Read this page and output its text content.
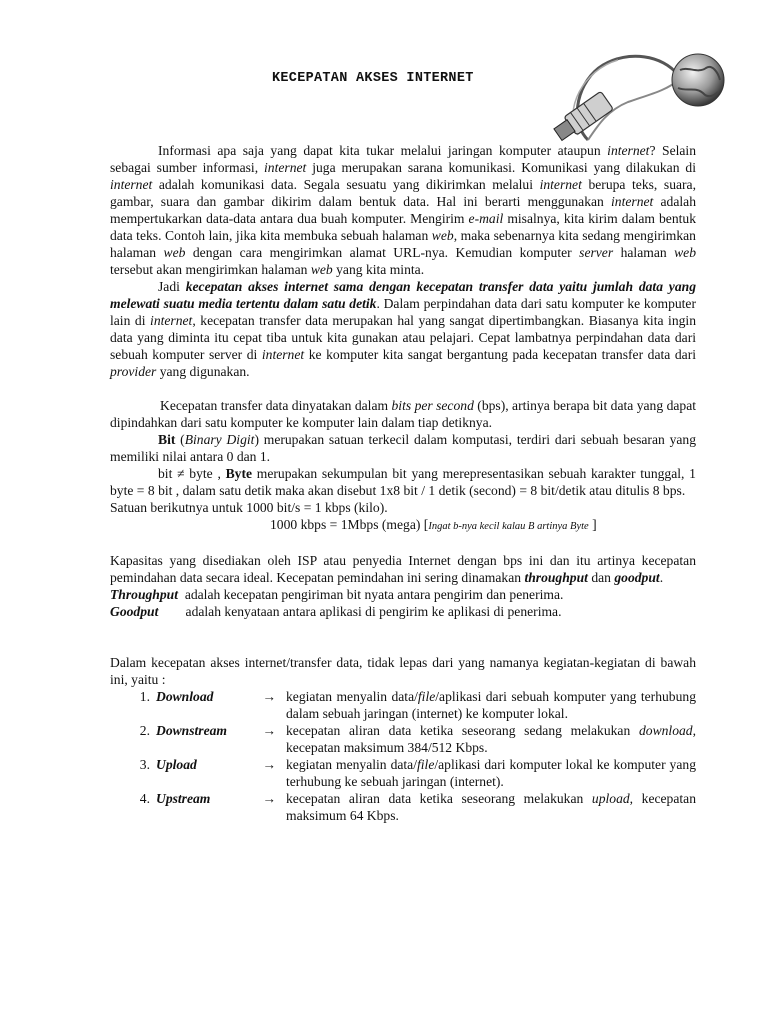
KECEPATAN AKSES INTERNET

Informasi apa saja yang dapat kita tukar melalui jaringan komputer ataupun internet? Selain sebagai sumber informasi, internet juga merupakan sarana komunikasi. Komunikasi yang dilakukan di internet adalah komunikasi data. Segala sesuatu yang dikirimkan melalui internet berupa teks, suara, gambar, suara dan gambar dikirim dalam bentuk data. Hal ini berarti menggunakan internet adalah mempertukarkan data-data antara dua buah komputer. Mengirim e-mail misalnya, kita kirim dalam bentuk data teks. Contoh lain, jika kita membuka sebuah halaman web, maka sebenarnya kita sedang mengirimkan halaman web dengan cara mengirimkan alamat URL-nya. Kemudian komputer server halaman web tersebut akan mengirimkan halaman web yang kita minta.

Jadi kecepatan akses internet sama dengan kecepatan transfer data yaitu jumlah data yang melewati suatu media tertentu dalam satu detik. Dalam perpindahan data dari satu komputer ke komputer lain di internet, kecepatan transfer data merupakan hal yang sangat dipertimbangkan. Biasanya kita ingin data yang diminta itu cepat tiba untuk kita gunakan atau pelajari. Cepat lambatnya perpindahan data dari sebuah komputer server di internet ke komputer kita sangat bergantung pada kecepatan transfer data dari provider yang digunakan.

Kecepatan transfer data dinyatakan dalam bits per second (bps), artinya berapa bit data yang dapat dipindahkan dari satu komputer ke komputer lain dalam tiap detiknya.

Bit (Binary Digit) merupakan satuan terkecil dalam komputasi, terdiri dari sebuah besaran yang memiliki nilai antara 0 dan 1.

bit ≠ byte , Byte merupakan sekumpulan bit yang merepresentasikan sebuah karakter tunggal, 1 byte = 8 bit , dalam satu detik maka akan disebut 1x8 bit / 1 detik (second) = 8 bit/detik atau ditulis 8 bps.

Satuan berikutnya untuk 1000 bit/s = 1 kbps (kilo).

1000 kbps = 1Mbps (mega) [Ingat b-nya kecil kalau B artinya Byte ]

Kapasitas yang disediakan oleh ISP atau penyedia Internet dengan bps ini dan itu artinya kecepatan pemindahan data secara ideal. Kecepatan pemindahan ini sering dinamakan throughput dan goodput.

Throughput  adalah kecepatan pengiriman bit nyata antara pengirim dan penerima.

Goodput        adalah kenyataan antara aplikasi di pengirim ke aplikasi di penerima.

Dalam kecepatan akses internet/transfer data, tidak lepas dari yang namanya kegiatan-kegiatan di bawah ini, yaitu :

1. Download	→ kegiatan menyalin data/file/aplikasi dari sebuah komputer yang terhubung dalam sebuah jaringan (internet) ke komputer lokal.
2. Downstream	→ kecepatan aliran data ketika seseorang sedang melakukan download, kecepatan maksimum 384/512 Kbps.
3. Upload	→ kegiatan menyalin data/file/aplikasi dari komputer lokal ke komputer yang terhubung ke sebuah jaringan (internet).
4. Upstream	→ kecepatan aliran data ketika seseorang melakukan upload, kecepatan maksimum 64 Kbps.
